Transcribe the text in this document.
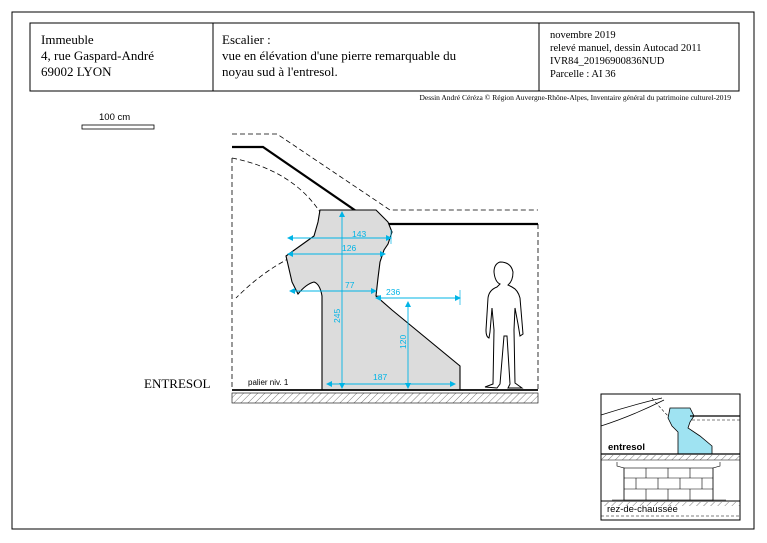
Immeuble
4, rue Gaspard-André
69002 LYON
Escalier :
vue en élévation d'une pierre remarquable du
noyau sud à l'entresol.
novembre 2019
relevé manuel, dessin Autocad 2011
IVR84_20196900836NUD
Parcelle : AI 36
Dessin André Céréza © Région Auvergne-Rhône-Alpes, Inventaire général du patrimoine culturel-2019
100 cm
143
126
77
236
245
120
187
ENTRESOL	palier niv. 1
entresol
rez-de-chaussée
